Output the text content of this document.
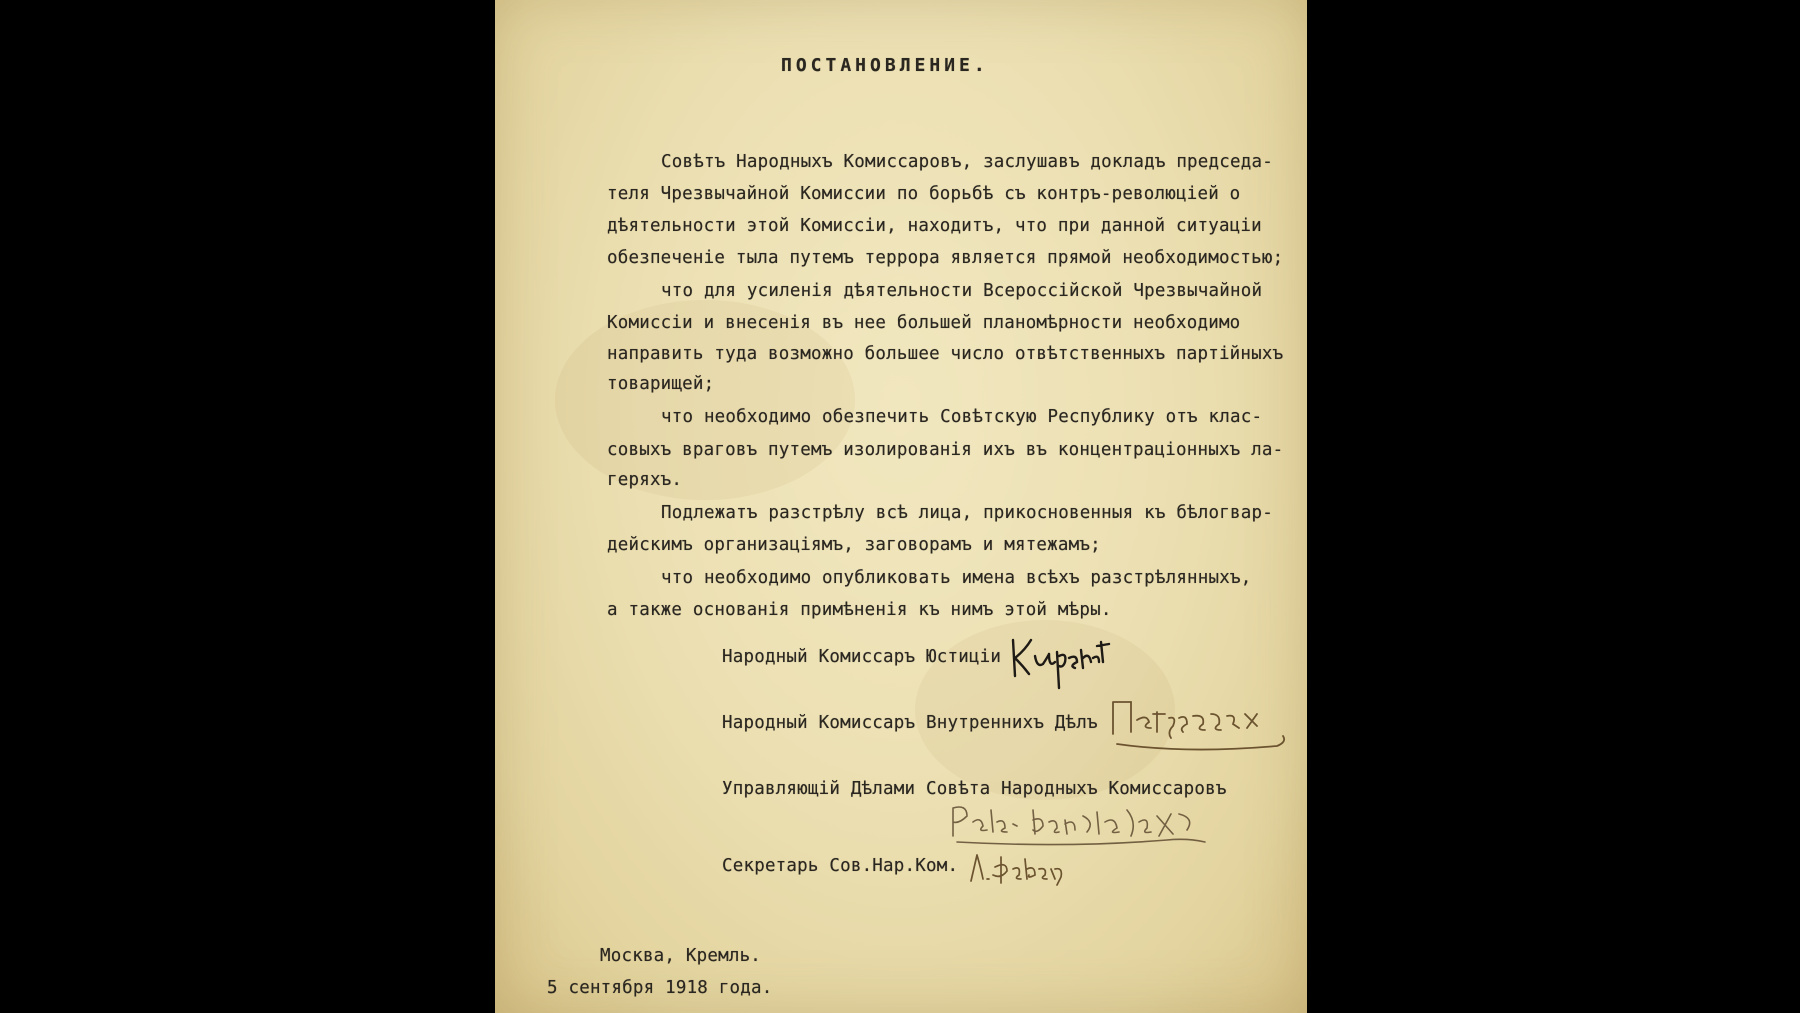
ПОСТАНОВЛЕНИЕ.
Совѣтъ Народныхъ Комиссаровъ, заслушавъ докладъ председа-
теля Чрезвычайной Комиссии по борьбѣ съ контръ-революцiей о
дѣятельности этой Комиссiи, находитъ, что при данной ситуацiи
обезпеченiе тыла путемъ террора является прямой необходимостью;
что для усиленiя дѣятельности Всероссiйской Чрезвычайной
Комиссiи и внесенiя въ нее большей планомѣрности необходимо
направить туда возможно большее число отвѣтственныхъ партiйныхъ
товарищей;
что необходимо обезпечить Совѣтскую Республику отъ клас-
совыхъ враговъ путемъ изолированiя ихъ въ концентрацiонныхъ ла-
геряхъ.
Подлежатъ разстрѣлу всѣ лица, прикосновенныя къ бѣлогвар-
дейскимъ организацiямъ, заговорамъ и мятежамъ;
что необходимо опубликовать имена всѣхъ разстрѣлянныхъ,
а также основанiя примѣненiя къ нимъ этой мѣры.
Народный Комиссаръ Юстицiи
Народный Комиссаръ Внутреннихъ Дѣлъ
Управляющiй Дѣлами Совѣта Народныхъ Комиссаровъ
Секретарь Сов.Нар.Ком.
Москва, Кремль.
5 сентября 1918 года.
